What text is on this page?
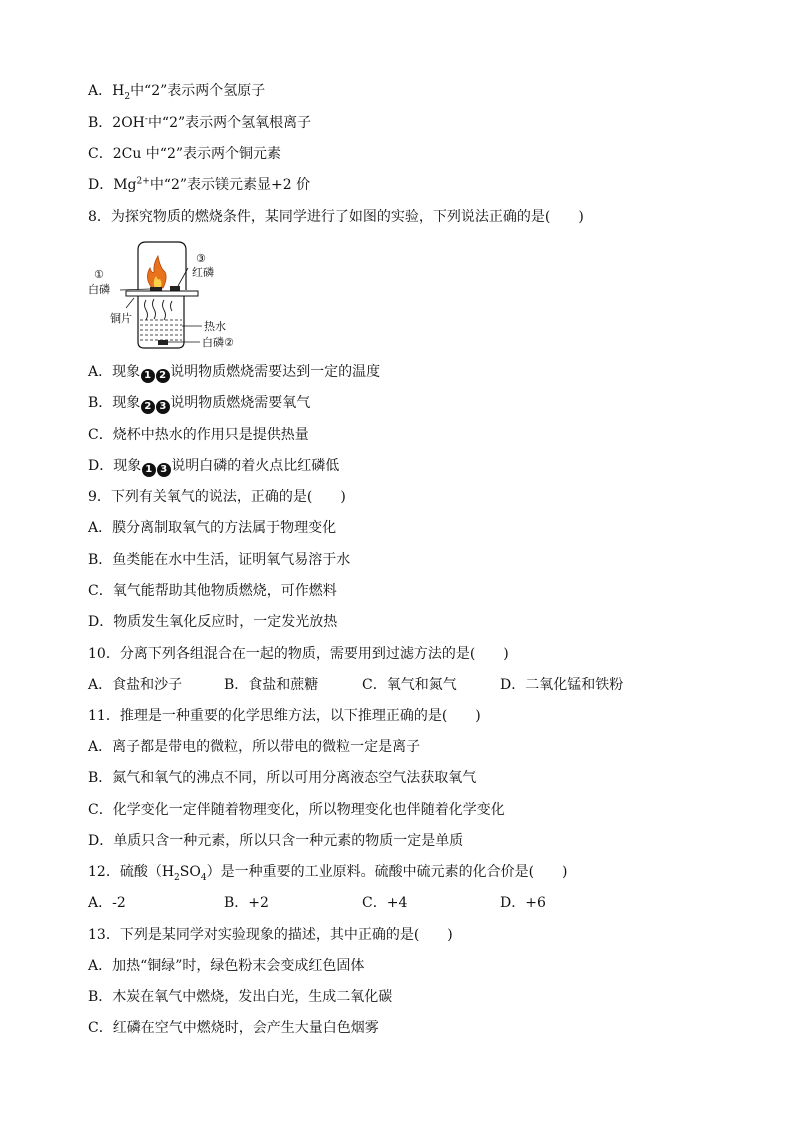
A．$H_2$中“2”表示两个氢原子
B．2OH-中“2”表示两个氢氧根离子
C．2Cu 中“2”表示两个铜元素
D．$Mg^{2+}$中“2”表示镁元素显+2 价
8．为探究物质的燃烧条件，某同学进行了如图的实验，下列说法正确的是(　　)
①
白磷
③
红磷
铜片
热水
白磷②
A．现象 1 2 说明物质燃烧需要达到一定的温度
B．现象 2 3 说明物质燃烧需要氧气
C．烧杯中热水的作用只是提供热量
D．现象 1 3 说明白磷的着火点比红磷低
9．下列有关氧气的说法，正确的是(　　)
A．膜分离制取氧气的方法属于物理变化
B．鱼类能在水中生活，证明氧气易溶于水
C．氧气能帮助其他物质燃烧，可作燃料
D．物质发生氧化反应时，一定发光放热
10．分离下列各组混合在一起的物质，需要用到过滤方法的是(　　)
A．食盐和沙子	B．食盐和蔗糖	C．氧气和氮气	D．二氧化锰和铁粉
11．推理是一种重要的化学思维方法，以下推理正确的是(　　)
A．离子都是带电的微粒，所以带电的微粒一定是离子
B．氮气和氧气的沸点不同，所以可用分离液态空气法获取氧气
C．化学变化一定伴随着物理变化，所以物理变化也伴随着化学变化
D．单质只含一种元素，所以只含一种元素的物质一定是单质
12．硫酸$(H_2SO_4)$是一种重要的工业原料。硫酸中硫元素的化合价是(　　)
A．-2	B．+2	C．+4	D．+6
13．下列是某同学对实验现象的描述，其中正确的是(　　)
A．加热“铜绿”时，绿色粉末会变成红色固体
B．木炭在氧气中燃烧，发出白光，生成二氧化碳
C．红磷在空气中燃烧时，会产生大量白色烟雾
